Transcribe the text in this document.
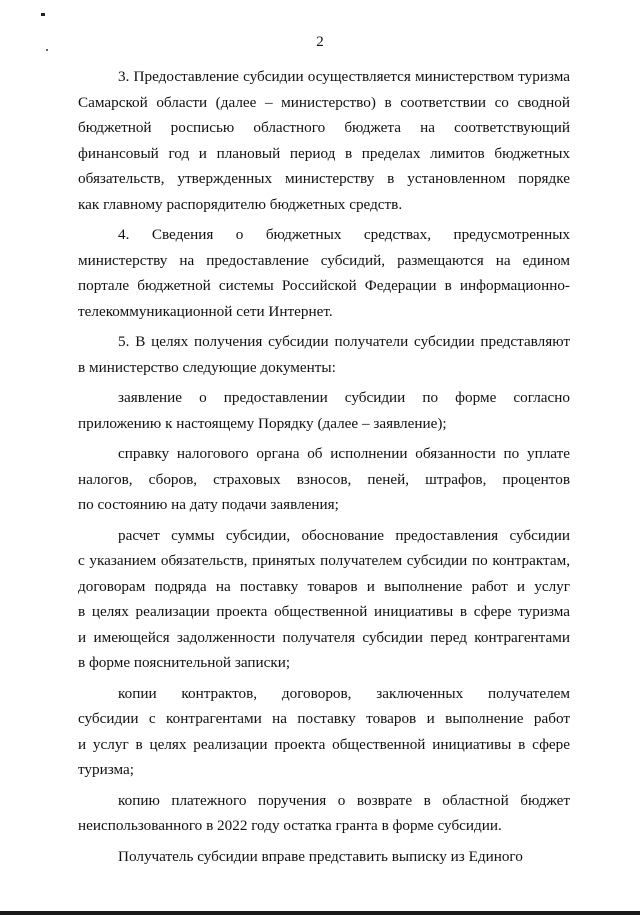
2
3. Предоставление субсидии осуществляется министерством туризма
Самарской области (далее – министерство) в соответствии со сводной
бюджетной росписью областного бюджета на соответствующий
финансовый год и плановый период в пределах лимитов бюджетных
обязательств, утвержденных министерству в установленном порядке
как главному распорядителю бюджетных средств.
4. Сведения о бюджетных средствах, предусмотренных
министерству на предоставление субсидий, размещаются на едином
портале бюджетной системы Российской Федерации в информационно-
телекоммуникационной сети Интернет.
5. В целях получения субсидии получатели субсидии представляют
в министерство следующие документы:
заявление о предоставлении субсидии по форме согласно
приложению к настоящему Порядку (далее – заявление);
справку налогового органа об исполнении обязанности по уплате
налогов, сборов, страховых взносов, пеней, штрафов, процентов
по состоянию на дату подачи заявления;
расчет суммы субсидии, обоснование предоставления субсидии
с указанием обязательств, принятых получателем субсидии по контрактам,
договорам подряда на поставку товаров и выполнение работ и услуг
в целях реализации проекта общественной инициативы в сфере туризма
и имеющейся задолженности получателя субсидии перед контрагентами
в форме пояснительной записки;
копии контрактов, договоров, заключенных получателем
субсидии с контрагентами на поставку товаров и выполнение работ
и услуг в целях реализации проекта общественной инициативы в сфере
туризма;
копию платежного поручения о возврате в областной бюджет
неиспользованного в 2022 году остатка гранта в форме субсидии.
Получатель субсидии вправе представить выписку из Единого
